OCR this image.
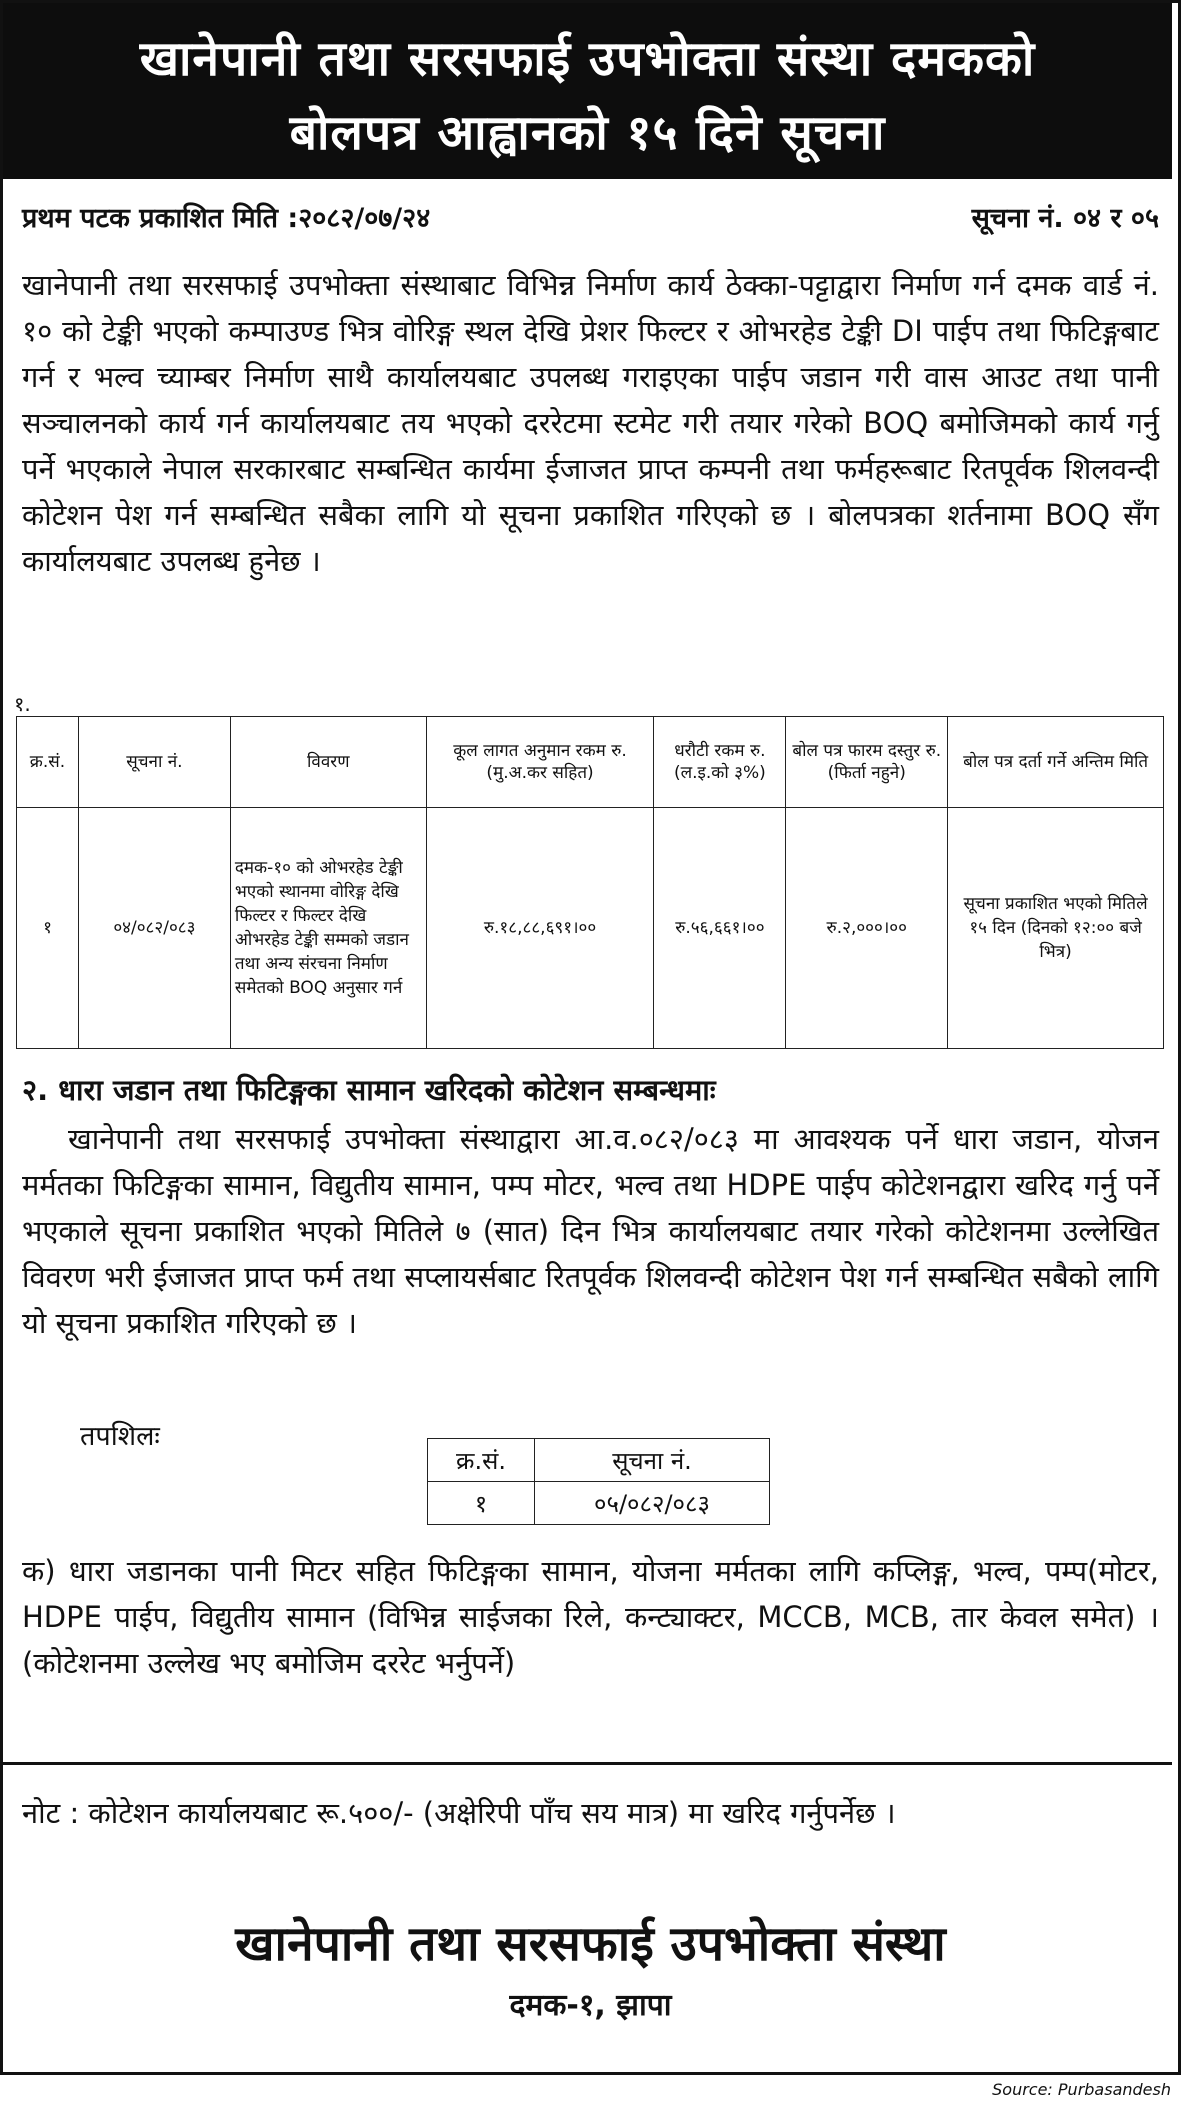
खानेपानी तथा सरसफाई उपभोक्ता संस्था दमकको
बोलपत्र आह्वानको १५ दिने सूचना
प्रथम पटक प्रकाशित मिति :२०८२/०७/२४	सूचना नं. ०४ र ०५
खानेपानी तथा सरसफाई उपभोक्ता संस्थाबाट विभिन्न निर्माण कार्य ठेक्का-पट्टाद्वारा निर्माण गर्न दमक वार्ड नं. १० को टेङ्की भएको कम्पाउण्ड भित्र वोरिङ्ग स्थल देखि प्रेशर फिल्टर र ओभरहेड टेङ्की DI पाईप तथा फिटिङ्गबाट गर्न र भल्व च्याम्बर निर्माण साथै कार्यालयबाट उपलब्ध गराइएका पाईप जडान गरी वास आउट तथा पानी सञ्चालनको कार्य गर्न कार्यालयबाट तय भएको दररेटमा स्टमेट गरी तयार गरेको BOQ बमोजिमको कार्य गर्नु पर्ने भएकाले नेपाल सरकारबाट सम्बन्धित कार्यमा ईजाजत प्राप्त कम्पनी तथा फर्महरूबाट रितपूर्वक शिलवन्दी कोटेशन पेश गर्न सम्बन्धित सबैका लागि यो सूचना प्रकाशित गरिएको छ । बोलपत्रका शर्तनामा BOQ सँग कार्यालयबाट उपलब्ध हुनेछ ।
१.
क्र.सं.	सूचना नं.	विवरण	कूल लागत अनुमान रकम रु. (मु.अ.कर सहित)	धरौटी रकम रु. (ल.इ.को ३%)	बोल पत्र फारम दस्तुर रु. (फिर्ता नहुने)	बोल पत्र दर्ता गर्ने अन्तिम मिति
१	०४/०८२/०८३	दमक-१० को ओभरहेड टेङ्की भएको स्थानमा वोरिङ्ग देखि फिल्टर र फिल्टर देखि ओभरहेड टेङ्की सम्मको जडान तथा अन्य संरचना निर्माण समेतको BOQ अनुसार गर्न	रु.१८,८८,६९१।००	रु.५६,६६१।००	रु.२,०००।००	सूचना प्रकाशित भएको मितिले १५ दिन (दिनको १२:०० बजे भित्र)
२. धारा जडान तथा फिटिङ्गका सामान खरिदको कोटेशन सम्बन्धमाः
खानेपानी तथा सरसफाई उपभोक्ता संस्थाद्वारा आ.व.०८२/०८३ मा आवश्यक पर्ने धारा जडान, योजन मर्मतका फिटिङ्गका सामान, विद्युतीय सामान, पम्प मोटर, भल्व तथा HDPE पाईप कोटेशनद्वारा खरिद गर्नु पर्ने भएकाले सूचना प्रकाशित भएको मितिले ७ (सात) दिन भित्र कार्यालयबाट तयार गरेको कोटेशनमा उल्लेखित विवरण भरी ईजाजत प्राप्त फर्म तथा सप्लायर्सबाट रितपूर्वक शिलवन्दी कोटेशन पेश गर्न सम्बन्धित सबैको लागि यो सूचना प्रकाशित गरिएको छ ।
तपशिलः
क्र.सं.	सूचना नं.
१	०५/०८२/०८३
क) धारा जडानका पानी मिटर सहित फिटिङ्गका सामान, योजना मर्मतका लागि कप्लिङ्ग, भल्व, पम्प(मोटर, HDPE पाईप, विद्युतीय सामान (विभिन्न साईजका रिले, कन्ट्याक्टर, MCCB, MCB, तार केवल समेत) । (कोटेशनमा उल्लेख भए बमोजिम दररेट भर्नुपर्ने)
नोट : कोटेशन कार्यालयबाट रू.५००/- (अक्षेरिपी पाँच सय मात्र) मा खरिद गर्नुपर्नेछ ।
खानेपानी तथा सरसफाई उपभोक्ता संस्था
दमक-१, झापा
Source: Purbasandesh
